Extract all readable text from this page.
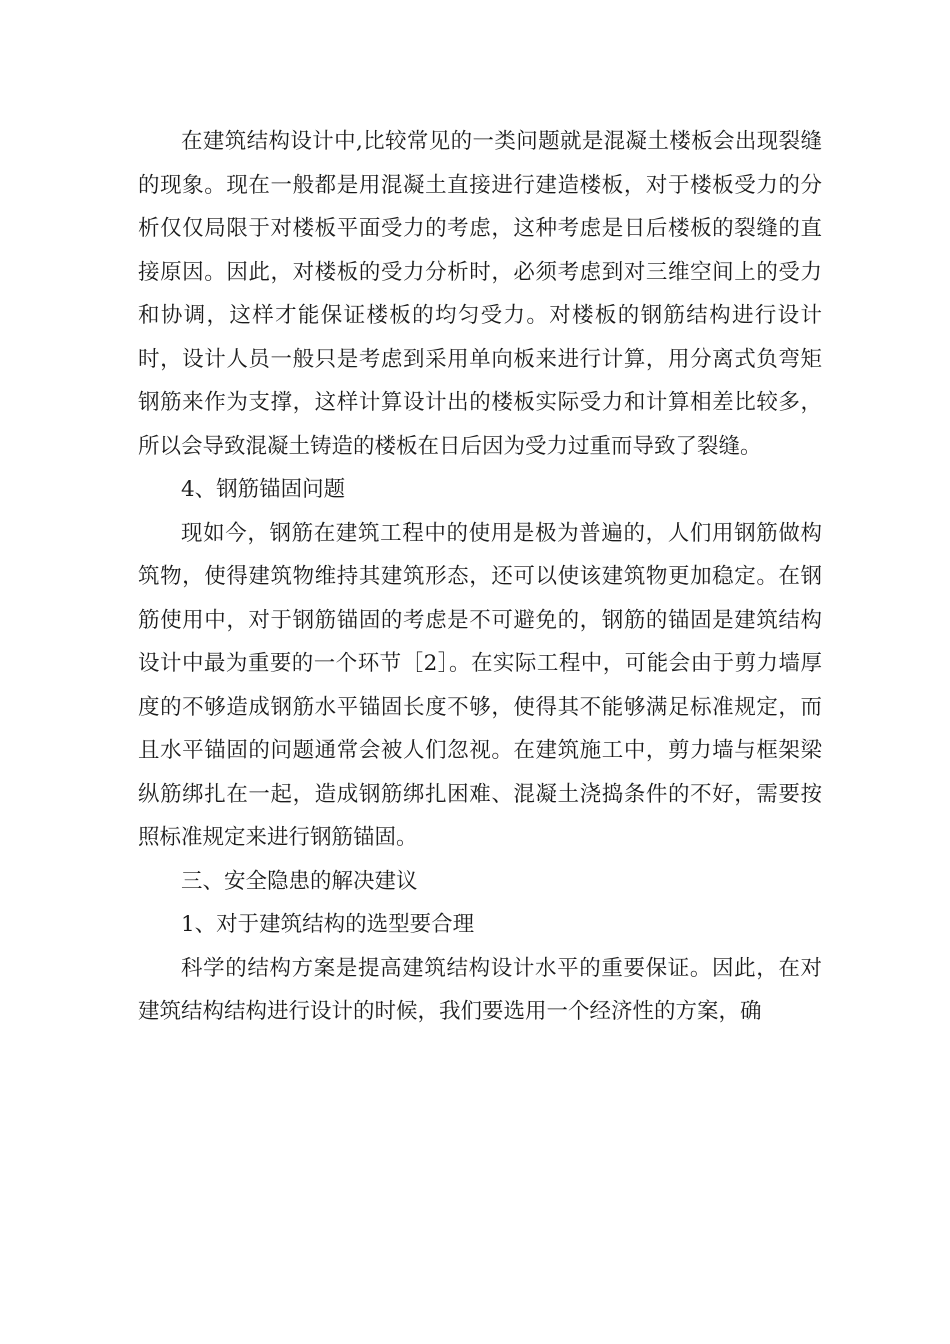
在建筑结构设计中,比较常见的一类问题就是混凝土楼板会出现裂缝的现象。现在一般都是用混凝土直接进行建造楼板，对于楼板受力的分析仅仅局限于对楼板平面受力的考虑，这种考虑是日后楼板的裂缝的直接原因。因此，对楼板的受力分析时，必须考虑到对三维空间上的受力和协调，这样才能保证楼板的均匀受力。对楼板的钢筋结构进行设计时，设计人员一般只是考虑到采用单向板来进行计算，用分离式负弯矩钢筋来作为支撑，这样计算设计出的楼板实际受力和计算相差比较多，所以会导致混凝土铸造的楼板在日后因为受力过重而导致了裂缝。

4、钢筋锚固问题

现如今，钢筋在建筑工程中的使用是极为普遍的，人们用钢筋做构筑物，使得建筑物维持其建筑形态，还可以使该建筑物更加稳定。在钢筋使用中，对于钢筋锚固的考虑是不可避免的，钢筋的锚固是建筑结构设计中最为重要的一个环节［2］。在实际工程中，可能会由于剪力墙厚度的不够造成钢筋水平锚固长度不够，使得其不能够满足标准规定，而且水平锚固的问题通常会被人们忽视。在建筑施工中，剪力墙与框架梁纵筋绑扎在一起，造成钢筋绑扎困难、混凝土浇捣条件的不好，需要按照标准规定来进行钢筋锚固。

三、安全隐患的解决建议

1、对于建筑结构的选型要合理

科学的结构方案是提高建筑结构设计水平的重要保证。因此，在对建筑结构结构进行设计的时候，我们要选用一个经济性的方案，确
